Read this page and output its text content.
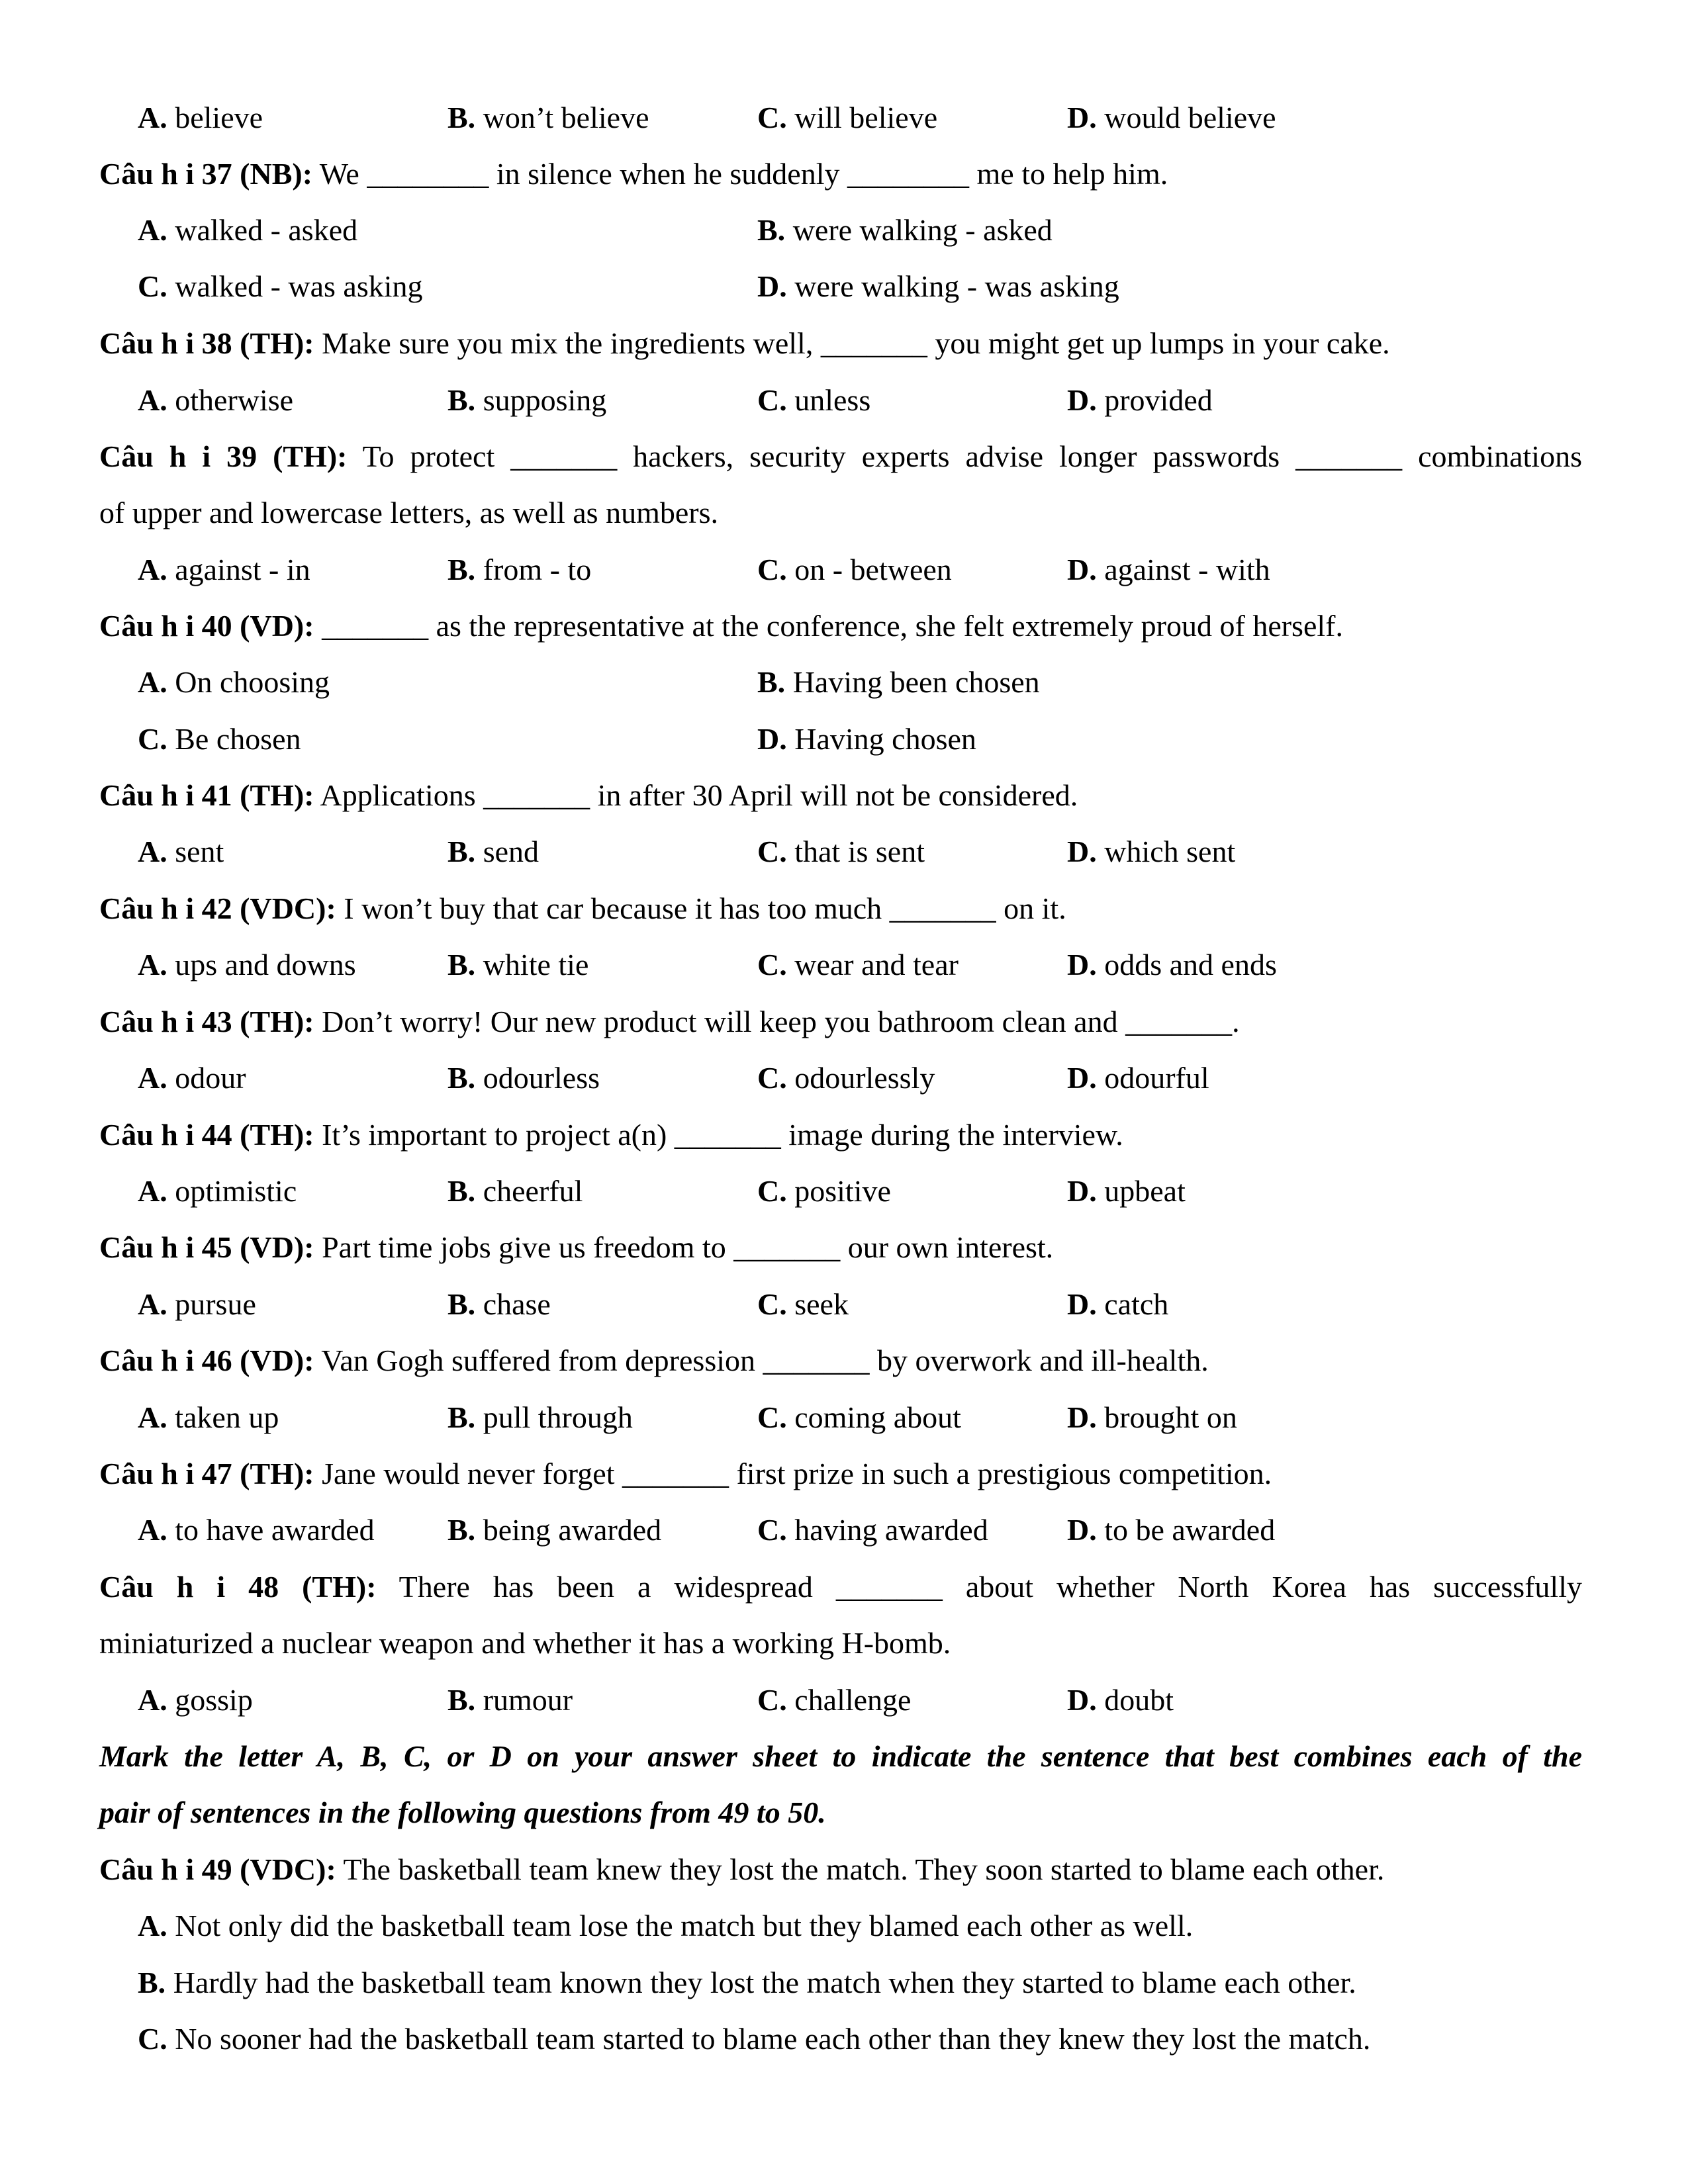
A. believe	B. won’t believe	C. will believe	D. would believe
Câu h i 37 (NB): We ________ in silence when he suddenly ________ me to help him.
A. walked - asked	B. were walking - asked
C. walked - was asking	D. were walking - was asking
Câu h i 38 (TH): Make sure you mix the ingredients well, _______ you might get up lumps in your cake.
A. otherwise	B. supposing	C. unless	D. provided
Câu h i 39 (TH): To protect _______ hackers, security experts advise longer passwords _______ combinations
of upper and lowercase letters, as well as numbers.
A. against - in	B. from - to	C. on - between	D. against - with
Câu h i 40 (VD): _______ as the representative at the conference, she felt extremely proud of herself.
A. On choosing	B. Having been chosen
C. Be chosen	D. Having chosen
Câu h i 41 (TH): Applications _______ in after 30 April will not be considered.
A. sent	B. send	C. that is sent	D. which sent
Câu h i 42 (VDC): I won’t buy that car because it has too much _______ on it.
A. ups and downs	B. white tie	C. wear and tear	D. odds and ends
Câu h i 43 (TH): Don’t worry! Our new product will keep you bathroom clean and _______.
A. odour	B. odourless	C. odourlessly	D. odourful
Câu h i 44 (TH): It’s important to project a(n) _______ image during the interview.
A. optimistic	B. cheerful	C. positive	D. upbeat
Câu h i 45 (VD): Part time jobs give us freedom to _______ our own interest.
A. pursue	B. chase	C. seek	D. catch
Câu h i 46 (VD): Van Gogh suffered from depression _______ by overwork and ill-health.
A. taken up	B. pull through	C. coming about	D. brought on
Câu h i 47 (TH): Jane would never forget _______ first prize in such a prestigious competition.
A. to have awarded B. being awarded	C. having awarded	D. to be awarded
Câu h i 48 (TH): There has been a widespread _______ about whether North Korea has successfully
miniaturized a nuclear weapon and whether it has a working H-bomb.
A. gossip	B. rumour	C. challenge	D. doubt
Mark the letter A, B, C, or D on your answer sheet to indicate the sentence that best combines each of the
pair of sentences in the following questions from 49 to 50.
Câu h i 49 (VDC): The basketball team knew they lost the match. They soon started to blame each other.
A. Not only did the basketball team lose the match but they blamed each other as well.
B. Hardly had the basketball team known they lost the match when they started to blame each other.
C. No sooner had the basketball team started to blame each other than they knew they lost the match.
